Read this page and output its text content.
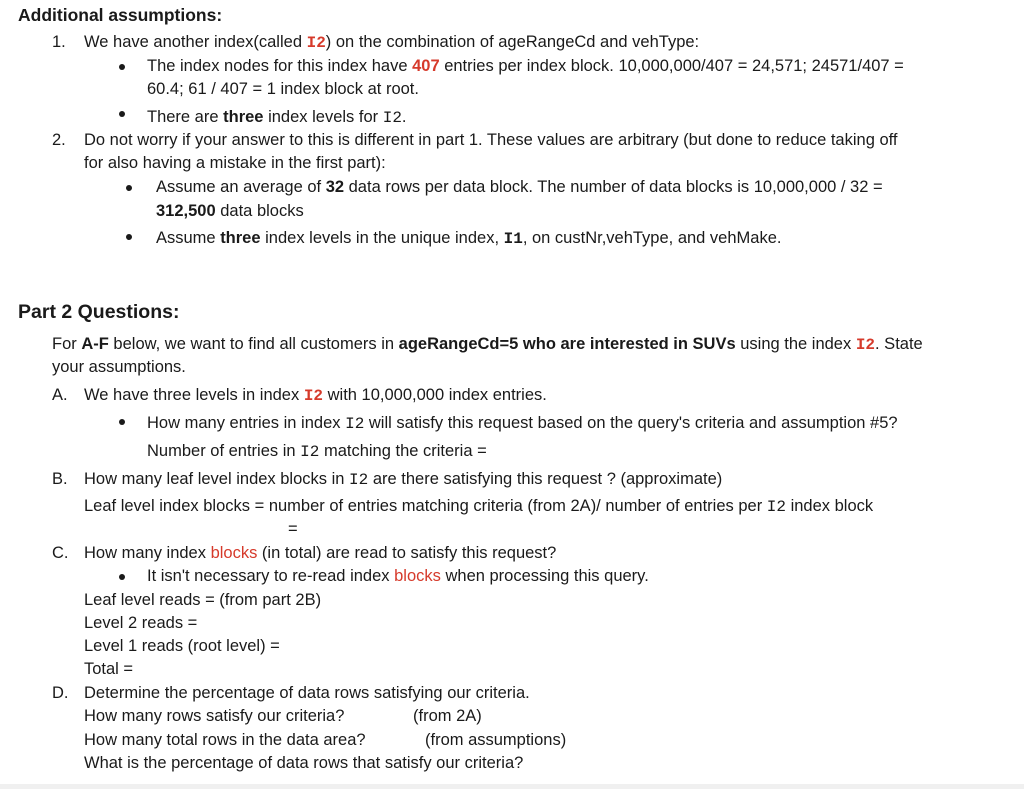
Additional assumptions:
1. We have another index(called I2) on the combination of ageRangeCd and vehType:
The index nodes for this index have 407 entries per index block. 10,000,000/407 = 24,571; 24571/407 =
60.4; 61 / 407 = 1 index block at root.
There are three index levels for I2.
2. Do not worry if your answer to this is different in part 1. These values are arbitrary (but done to reduce taking off
for also having a mistake in the first part):
Assume an average of 32 data rows per data block. The number of data blocks is 10,000,000 / 32 =
312,500 data blocks
Assume three index levels in the unique index, I1, on custNr,vehType, and vehMake.
Part 2 Questions:
For A-F below, we want to find all customers in ageRangeCd=5 who are interested in SUVs using the index I2. State
your assumptions.
A. We have three levels in index I2 with 10,000,000 index entries.
How many entries in index I2 will satisfy this request based on the query's criteria and assumption #5?
Number of entries in I2 matching the criteria =
B. How many leaf level index blocks in I2 are there satisfying this request ? (approximate)
Leaf level index blocks = number of entries matching criteria (from 2A)/ number of entries per I2 index block
=
C. How many index blocks (in total) are read to satisfy this request?
It isn't necessary to re-read index blocks when processing this query.
Leaf level reads = (from part 2B)
Level 2 reads =
Level 1 reads (root level) =
Total =
D. Determine the percentage of data rows satisfying our criteria.
How many rows satisfy our criteria?	(from 2A)
How many total rows in the data area?	(from assumptions)
What is the percentage of data rows that satisfy our criteria?
